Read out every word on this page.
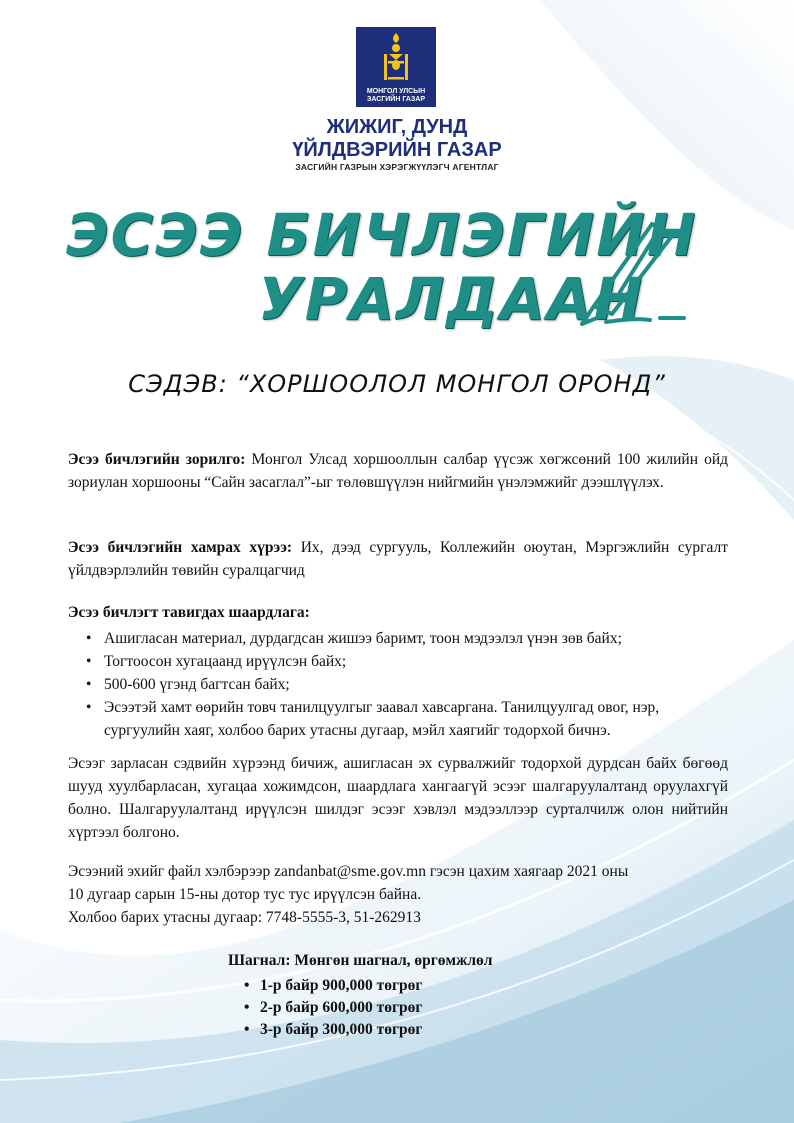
МОНГОЛ УЛСЫН
ЗАСГИЙН ГАЗАР
ЖИЖИГ, ДУНД
ҮЙЛДВЭРИЙН ГАЗАР
ЗАСГИЙН ГАЗРЫН ХЭРЭГЖҮҮЛЭГЧ АГЕНТЛАГ
ЭСЭЭ БИЧЛЭГИЙН
УРАЛДААН
СЭДЭВ: “ХОРШООЛОЛ МОНГОЛ ОРОНД”

Эсээ бичлэгийн зорилго: Монгол Улсад хоршооллын салбар үүсэж хөгжсөний 100 жилийн ойд зориулан хоршооны “Сайн засаглал”-ыг төлөвшүүлэн нийгмийн үнэлэмжийг дээшлүүлэх.

Эсээ бичлэгийн хамрах хүрээ: Их, дээд сургууль, Коллежийн оюутан, Мэргэжлийн сургалт үйлдвэрлэлийн төвийн суралцагчид

Эсээ бичлэгт тавигдах шаардлага:

• Ашигласан материал, дурдагдсан жишээ баримт, тоон мэдээлэл үнэн зөв байх;
• Тогтоосон хугацаанд ирүүлсэн байх;
• 500-600 үгэнд багтсан байх;
• Эсээтэй хамт өөрийн товч танилцуулгыг заавал хавсаргана. Танилцуулгад овог, нэр, сургуулийн хаяг, холбоо барих утасны дугаар, мэйл хаягийг тодорхой бичнэ.

Эсээг зарласан сэдвийн хүрээнд бичиж, ашигласан эх сурвалжийг тодорхой дурдсан байх бөгөөд шууд хуулбарласан, хугацаа хожимдсон, шаардлага хангаагүй эсээг шалгаруулалтанд оруулахгүй болно. Шалгаруулалтанд ирүүлсэн шилдэг эсээг хэвлэл мэдээллээр сурталчилж олон нийтийн хүртээл болгоно.

Эсээний эхийг файл хэлбэрээр zandanbat@sme.gov.mn гэсэн цахим хаягаар 2021 оны
10 дугаар сарын 15-ны дотор тус тус ирүүлсэн байна.
Холбоо барих утасны дугаар: 7748-5555-3, 51-262913

Шагнал: Мөнгөн шагнал, өргөмжлөл

• 1-р байр 900,000 төгрөг
• 2-р байр 600,000 төгрөг
• 3-р байр 300,000 төгрөг
